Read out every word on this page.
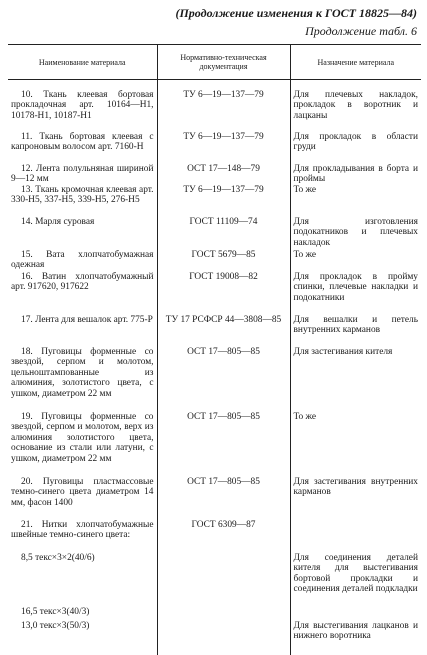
(Продолжение изменения к ГОСТ 18825—84)
Продолжение табл. 6
Наименование материала	Нормативно-техническая документация	Назначение материала

10. Ткань клеевая бортовая прокладочная арт. 10164—Н1, 10178-Н1, 10187-Н1	ТУ 6—19—137—79	Для плечевых накладок, прокладок в воротник и лацканы

11. Ткань бортовая клеевая с капроновым волосом арт. 7160-Н	ТУ 6—19—137—79	Для прокладок в области груди

12. Лента полульняная шириной 9—12 мм	ОСТ 17—148—79	Для прокладывания в борта и проймы

13. Ткань кромочная клеевая арт. 330-Н5, 337-Н5, 339-Н5, 276-Н5	ТУ 6—19—137—79	То же

14. Марля суровая	ГОСТ 11109—74	Для изготовления подокатников и плечевых накладок

15. Вата хлопчатобумажная одежная	ГОСТ 5679—85	То же

16. Ватин хлопчатобумажный арт. 917620, 917622	ГОСТ 19008—82	Для прокладок в пройму спинки, плечевые накладки и подокатники

17. Лента для вешалок арт. 775-Р	ТУ 17 РСФСР 44—3808—85	Для вешалки и петель внутренних карманов

18. Пуговицы форменные со звездой, серпом и молотом, цельноштампованные из алюминия, золотистого цвета, с ушком, диаметром 22 мм	ОСТ 17—805—85	Для застегивания кителя

19. Пуговицы форменные со звездой, серпом и молотом, верх из алюминия золотистого цвета, основание из стали или латуни, с ушком, диаметром 22 мм	ОСТ 17—805—85	То же

20. Пуговицы пластмассовые темно-синего цвета диаметром 14 мм, фасон 1400	ОСТ 17—805—85	Для застегивания внутренних карманов

21. Нитки хлопчатобумажные швейные темно-синего цвета:	ГОСТ 6309—87	

8,5 текс×3×2(40/6)		Для соединения деталей кителя для выстегивания бортовой прокладки и соединения деталей подкладки

16,5 текс×3(40/3)		

13,0 текс×3(50/3)		Для выстегивания лацканов и нижнего воротника
